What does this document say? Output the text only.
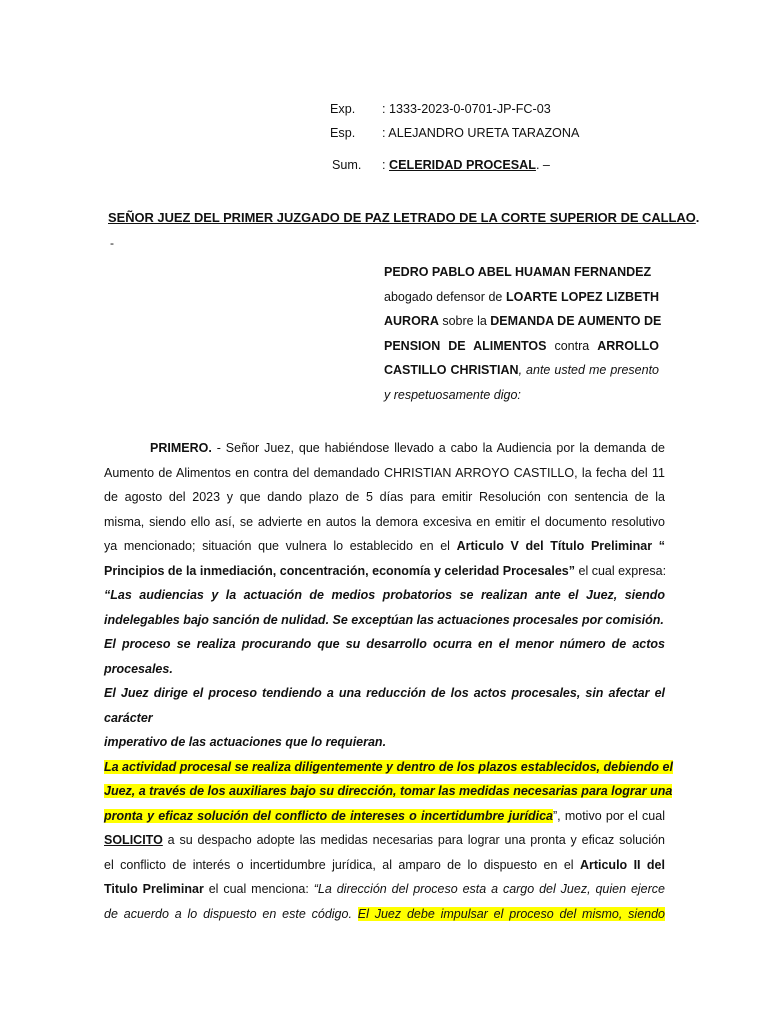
Exp. : 1333-2023-0-0701-JP-FC-03
Esp. : ALEJANDRO URETA TARAZONA
Sum. : CELERIDAD PROCESAL. –
SEÑOR JUEZ DEL PRIMER JUZGADO DE PAZ LETRADO DE LA CORTE SUPERIOR DE CALLAO.
-
PEDRO PABLO ABEL HUAMAN FERNANDEZ
abogado defensor de LOARTE LOPEZ LIZBETH
AURORA sobre la DEMANDA DE AUMENTO DE
PENSION DE ALIMENTOS contra ARROLLO
CASTILLO CHRISTIAN, ante usted me presento
y respetuosamente digo:
PRIMERO. - Señor Juez, que habiéndose llevado a cabo la Audiencia por la demanda de
Aumento de Alimentos en contra del demandado CHRISTIAN ARROYO CASTILLO, la fecha del 11
de agosto del 2023 y que dando plazo de 5 días para emitir Resolución con sentencia de la
misma, siendo ello así, se advierte en autos la demora excesiva en emitir el documento resolutivo
ya mencionado; situación que vulnera lo establecido en el Articulo V del Título Preliminar “
Principios de la inmediación, concentración, economía y celeridad Procesales” el cual expresa:
“Las audiencias y la actuación de medios probatorios se realizan ante el Juez, siendo
indelegables bajo sanción de nulidad. Se exceptúan las actuaciones procesales por comisión.
El proceso se realiza procurando que su desarrollo ocurra en el menor número de actos
procesales.
El Juez dirige el proceso tendiendo a una reducción de los actos procesales, sin afectar el
carácter
imperativo de las actuaciones que lo requieran.
La actividad procesal se realiza diligentemente y dentro de los plazos establecidos, debiendo el
Juez, a través de los auxiliares bajo su dirección, tomar las medidas necesarias para lograr una
pronta y eficaz solución del conflicto de intereses o incertidumbre jurídica”, motivo por el cual
SOLICITO a su despacho adopte las medidas necesarias para lograr una pronta y eficaz solución
el conflicto de interés o incertidumbre jurídica, al amparo de lo dispuesto en el Articulo II del
Titulo Preliminar el cual menciona: “La dirección del proceso esta a cargo del Juez, quien ejerce
de acuerdo a lo dispuesto en este código. El Juez debe impulsar el proceso del mismo, siendo
